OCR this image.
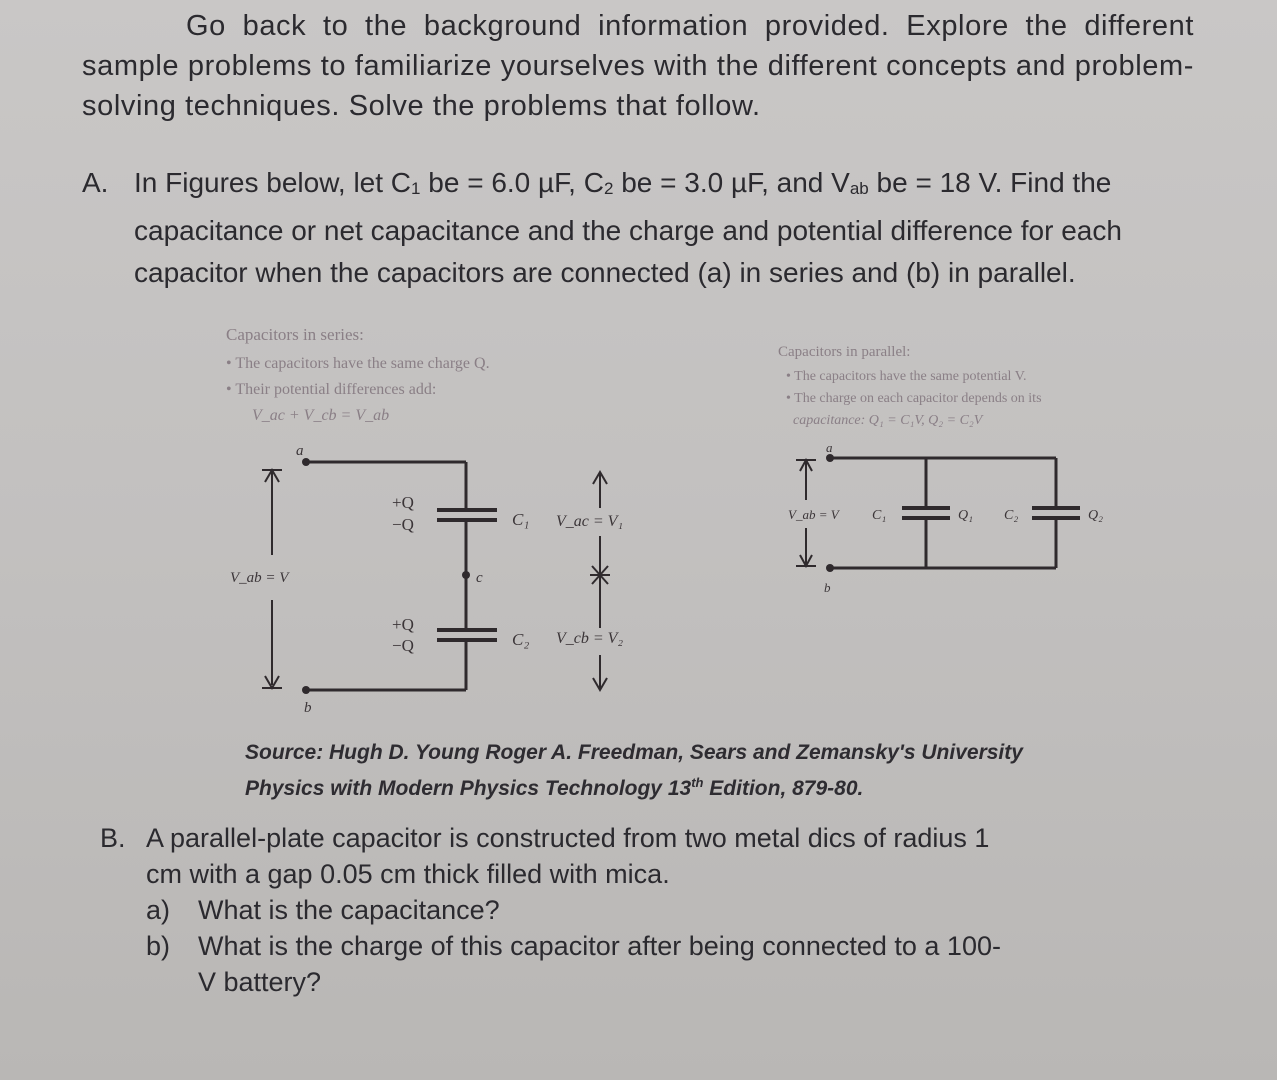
Go back to the background information provided. Explore the different sample problems to familiarize yourselves with the different concepts and problem-solving techniques. Solve the problems that follow.
A. In Figures below, let $C_1$ be = 6.0 µF, $C_2$ be = 3.0 µF, and $V_{ab}$ be = 18 V. Find the capacitance or net capacitance and the charge and potential difference for each capacitor when the capacitors are connected (a) in series and (b) in parallel.
Capacitors in series:
• The capacitors have the same charge Q.
• Their potential differences add:
V_ac + V_cb = V_ab
a
b
c
V_ab = V
+Q
−Q
+Q
−Q
C₁
C₂
V_ac = V₁
V_cb = V₂
Capacitors in parallel:
• The capacitors have the same potential V.
• The charge on each capacitor depends on its
capacitance: Q₁ = C₁V, Q₂ = C₂V
a
b
V_ab = V C₁	Q₁ C₂	Q₂
Source: Hugh D. Young Roger A. Freedman, Sears and Zemansky's University
Physics with Modern Physics Technology 13th Edition, 879-80.
B. A parallel-plate capacitor is constructed from two metal dics of radius 1
cm with a gap 0.05 cm thick filled with mica.
a) What is the capacitance?
b) What is the charge of this capacitor after being connected to a 100-
V battery?
